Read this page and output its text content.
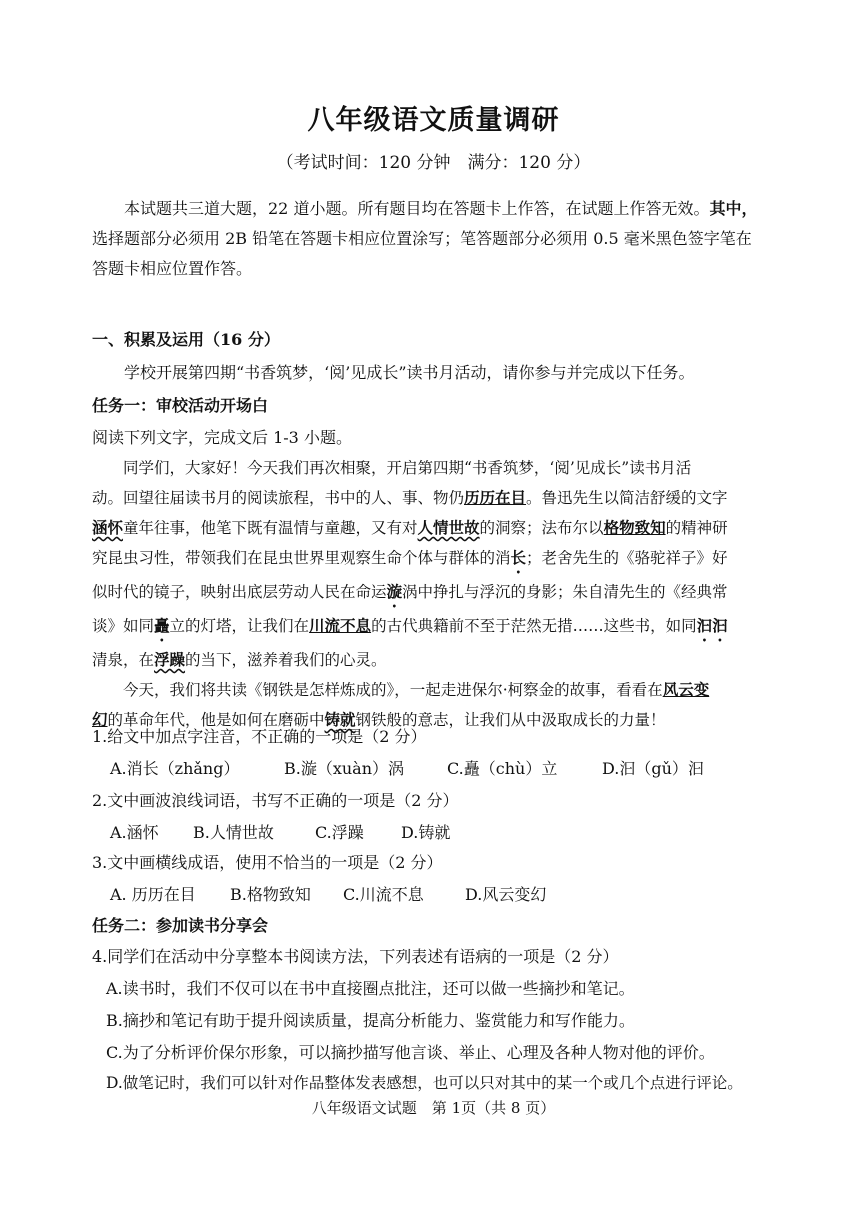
八年级语文质量调研
（考试时间：120 分钟　满分：120 分）
本试题共三道大题，22 道小题。所有题目均在答题卡上作答，在试题上作答无效。其中，
选择题部分必须用 2B 铅笔在答题卡相应位置涂写；笔答题部分必须用 0.5 毫米黑色签字笔在
答题卡相应位置作答。
一、积累及运用（16 分）
学校开展第四期“书香筑梦，‘阅’见成长”读书月活动，请你参与并完成以下任务。
任务一：审校活动开场白
阅读下列文字，完成文后 1-3 小题。
同学们，大家好！今天我们再次相聚，开启第四期“书香筑梦，‘阅’见成长”读书月活
动。回望往届读书月的阅读旅程，书中的人、事、物仍历历在目。鲁迅先生以简洁舒缓的文字
涵怀童年往事，他笔下既有温情与童趣，又有对人情世故的洞察；法布尔以格物致知的精神研
究昆虫习性，带领我们在昆虫世界里观察生命个体与群体的消长；老舍先生的《骆驼祥子》好
似时代的镜子，映射出底层劳动人民在命运漩涡中挣扎与浮沉的身影；朱自清先生的《经典常
谈》如同矗立的灯塔，让我们在川流不息的古代典籍前不至于茫然无措……这些书，如同汩汩
清泉，在浮躁的当下，滋养着我们的心灵。
今天，我们将共读《钢铁是怎样炼成的》，一起走进保尔·柯察金的故事，看看在风云变
幻的革命年代，他是如何在磨砺中铸就钢铁般的意志，让我们从中汲取成长的力量！
1.给文中加点字注音，不正确的一项是（2 分）
A.消长（zhǎng）	B.漩（xuàn）涡	C.矗（chù）立	D.汩（gǔ）汩
2.文中画波浪线词语，书写不正确的一项是（2 分）
A.涵怀 B.人情世故	C.浮躁 D.铸就
3.文中画横线成语，使用不恰当的一项是（2 分）
A. 历历在目 B.格物致知 C.川流不息	D.风云变幻
任务二：参加读书分享会
4.同学们在活动中分享整本书阅读方法，下列表述有语病的一项是（2 分）
A.读书时，我们不仅可以在书中直接圈点批注，还可以做一些摘抄和笔记。
B.摘抄和笔记有助于提升阅读质量，提高分析能力、鉴赏能力和写作能力。
C.为了分析评价保尔形象，可以摘抄描写他言谈、举止、心理及各种人物对他的评价。
D.做笔记时，我们可以针对作品整体发表感想，也可以只对其中的某一个或几个点进行评论。
八年级语文试题　第 1页（共 8 页）
